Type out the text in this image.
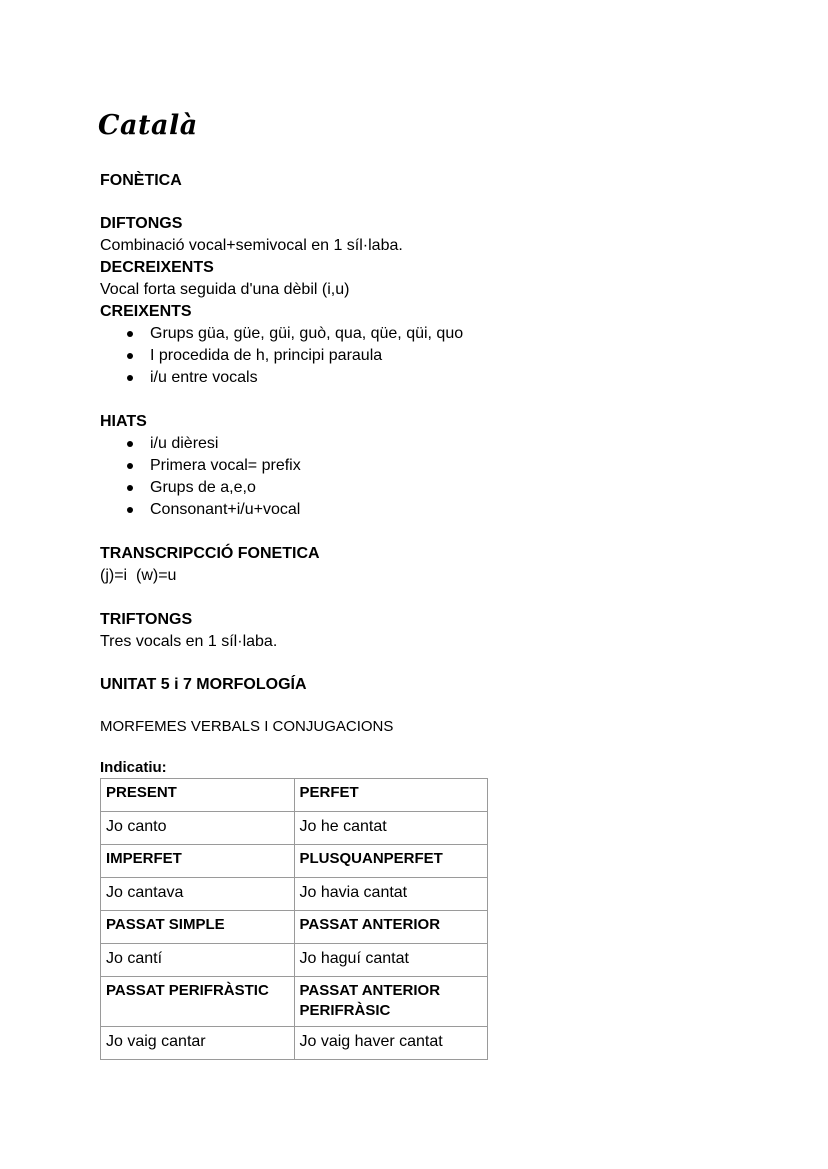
Català

FONÈTICA

DIFTONGS

Combinació vocal+semivocal en 1 síl·laba.

DECREIXENTS

Vocal forta seguida d'una dèbil (i,u)

CREIXENTS

Grups güa, güe, güi, guò, qua, qüe, qüi, quo
I procedida de h, principi paraula
i/u entre vocals

HIATS

i/u dièresi
Primera vocal= prefix
Grups de a,e,o
Consonant+i/u+vocal

TRANSCRIPCCIÓ FONETICA

(j)=i  (w)=u

TRIFTONGS

Tres vocals en 1 síl·laba.

UNITAT 5 i 7 MORFOLOGÍA

MORFEMES VERBALS I CONJUGACIONS

Indicatiu:

PRESENT	PERFET
Jo canto	Jo he cantat
IMPERFET	PLUSQUANPERFET
Jo cantava	Jo havia cantat
PASSAT SIMPLE	PASSAT ANTERIOR
Jo cantí	Jo haguí cantat
PASSAT PERIFRÀSTIC	PASSAT ANTERIOR PERIFRÀSIC
Jo vaig cantar	Jo vaig haver cantat
